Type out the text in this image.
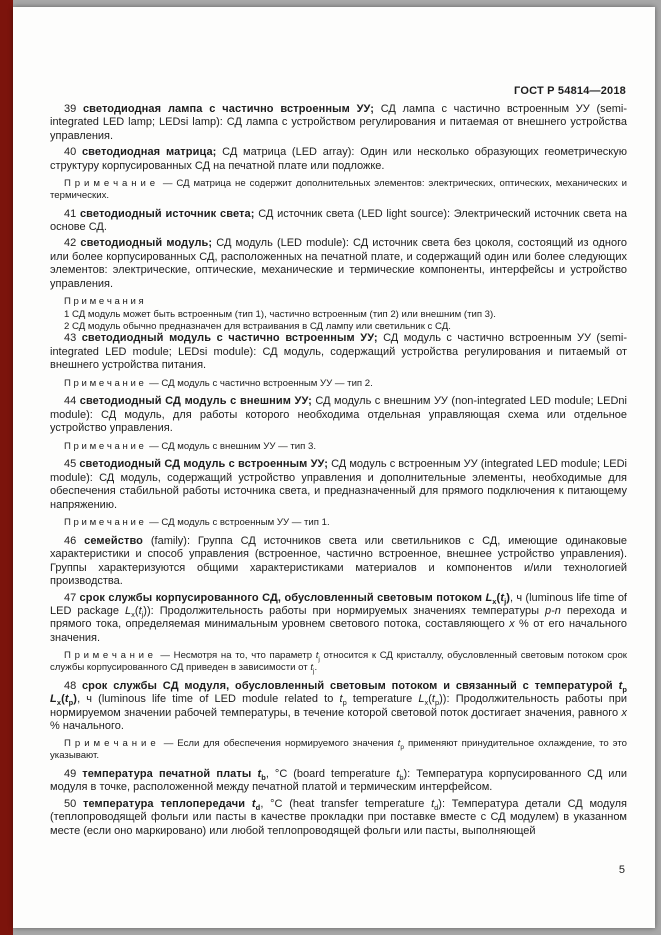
ГОСТ Р 54814—2018

39 светодиодная лампа с частично встроенным УУ; СД лампа с частично встроенным УУ (semi-integrated LED lamp; LEDsi lamp): СД лампа с устройством регулирования и питаемая от внешнего устройства управления.

40 светодиодная матрица; СД матрица (LED array): Один или несколько образующих геометрическую структуру корпусированных СД на печатной плате или подложке.

П р и м е ч а н и е  — СД матрица не содержит дополнительных элементов: электрических, оптических, механических и термических.

41 светодиодный источник света; СД источник света (LED light source): Электрический источник света на основе СД.

42 светодиодный модуль; СД модуль (LED module): СД источник света без цоколя, состоящий из одного или более корпусированных СД, расположенных на печатной плате, и содержащий один или более следующих элементов: электрические, оптические, механические и термические компоненты, интерфейсы и устройство управления.

П р и м е ч а н и я

1 СД модуль может быть встроенным (тип 1), частично встроенным (тип 2) или внешним (тип 3).

2 СД модуль обычно предназначен для встраивания в СД лампу или светильник с СД.

43 светодиодный модуль с частично встроенным УУ; СД модуль с частично встроенным УУ (semi-integrated LED module; LEDsi module): СД модуль, содержащий устройства регулирования и питаемый от внешнего устройства питания.

П р и м е ч а н и е  — СД модуль с частично встроенным УУ — тип 2.

44 светодиодный СД модуль с внешним УУ; СД модуль с внешним УУ (non-integrated LED module; LEDni module): СД модуль, для работы которого необходима отдельная управляющая схема или отдельное устройство управления.

П р и м е ч а н и е  — СД модуль с внешним УУ — тип 3.

45 светодиодный СД модуль с встроенным УУ; СД модуль с встроенным УУ (integrated LED module; LEDi module): СД модуль, содержащий устройство управления и дополнительные элементы, необходимые для обеспечения стабильной работы источника света, и предназначенный для прямого подключения к питающему напряжению.

П р и м е ч а н и е  — СД модуль с встроенным УУ — тип 1.

46 семейство (family): Группа СД источников света или светильников с СД, имеющие одинаковые характеристики и способ управления (встроенное, частично встроенное, внешнее устройство управления). Группы характеризуются общими характеристиками материалов и компонентов и/или технологией производства.

47 срок службы корпусированного СД, обусловленный световым потоком $L_x(t_j)$, ч (luminous life time of LED package $L_x(t_j)$): Продолжительность работы при нормируемых значениях температуры p-n перехода и прямого тока, определяемая минимальным уровнем светового потока, составляющего х % от его начального значения.

П р и м е ч а н и е  — Несмотря на то, что параметр $t_j$ относится к СД кристаллу, обусловленный световым потоком срок службы корпусированного СД приведен в зависимости от $t_j$.

48 срок службы СД модуля, обусловленный световым потоком и связанный с температурой $t_p$ $L_x(t_p)$, ч (luminous life time of LED module related to $t_p$ temperature $L_x(t_p)$): Продолжительность работы при нормируемом значении рабочей температуры, в течение которой световой поток достигает значения, равного х % начального.

П р и м е ч а н и е  — Если для обеспечения нормируемого значения $t_p$ применяют принудительное охлаждение, то это указывают.

49 температура печатной платы $t_b$, °С (board temperature $t_b$): Температура корпусированного СД или модуля в точке, расположенной между печатной платой и термическим интерфейсом.

50 температура теплопередачи $t_d$, °С (heat transfer temperature $t_d$): Температура детали СД модуля (теплопроводящей фольги или пасты в качестве прокладки при поставке вместе с СД модулем) в указанном месте (если оно маркировано) или любой теплопроводящей фольги или пасты, выполняющей

5
